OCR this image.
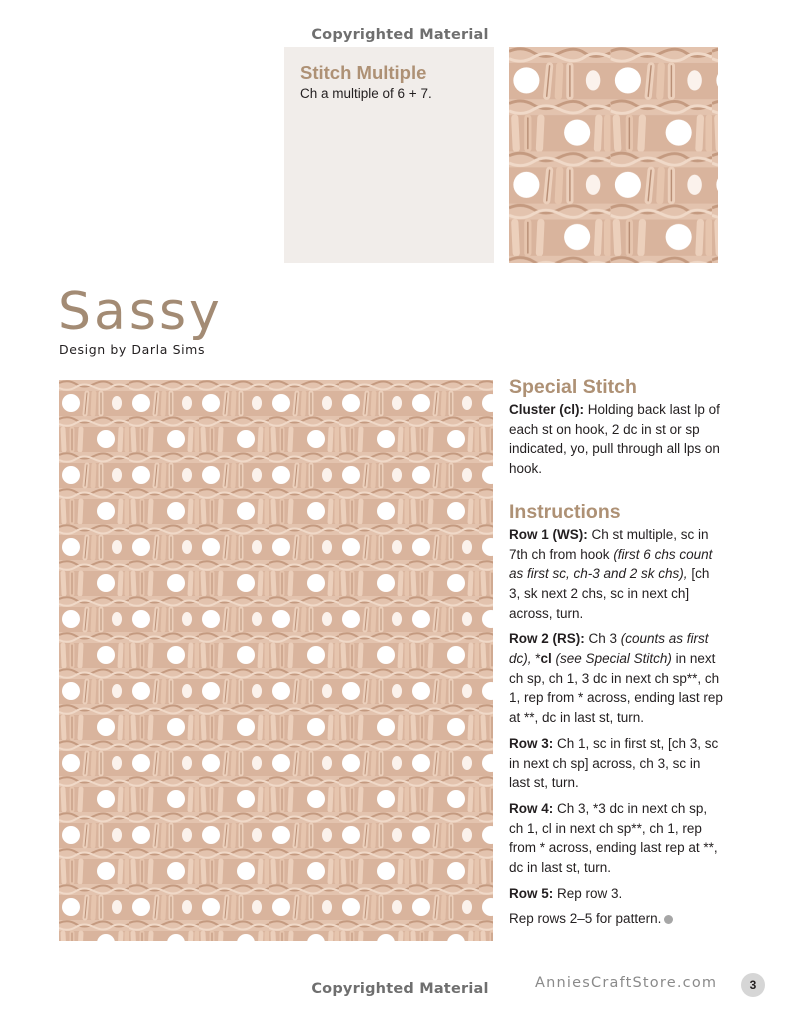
Copyrighted Material
Stitch Multiple

Ch a multiple of 6 + 7.

Sassy
Design by Darla Sims
Special Stitch

Cluster (cl): Holding back last lp of each st on hook, 2 dc in st or sp indicated, yo, pull through all lps on hook.

Instructions

Row 1 (WS): Ch st multiple, sc in 7th ch from hook (first 6 chs count as first sc, ch-3 and 2 sk chs), [ch 3, sk next 2 chs, sc in next ch] across, turn.

Row 2 (RS): Ch 3 (counts as first dc), *cl (see Special Stitch) in next ch sp, ch 1, 3 dc in next ch sp**, ch 1, rep from * across, ending last rep at **, dc in last st, turn.

Row 3: Ch 1, sc in first st, [ch 3, sc in next ch sp] across, ch 3, sc in last st, turn.

Row 4: Ch 3, *3 dc in next ch sp, ch 1, cl in next ch sp**, ch 1, rep from * across, ending last rep at **, dc in last st, turn.

Row 5: Rep row 3.

Rep rows 2–5 for pattern.

Copyrighted Material	AnniesCraftStore.com	3
